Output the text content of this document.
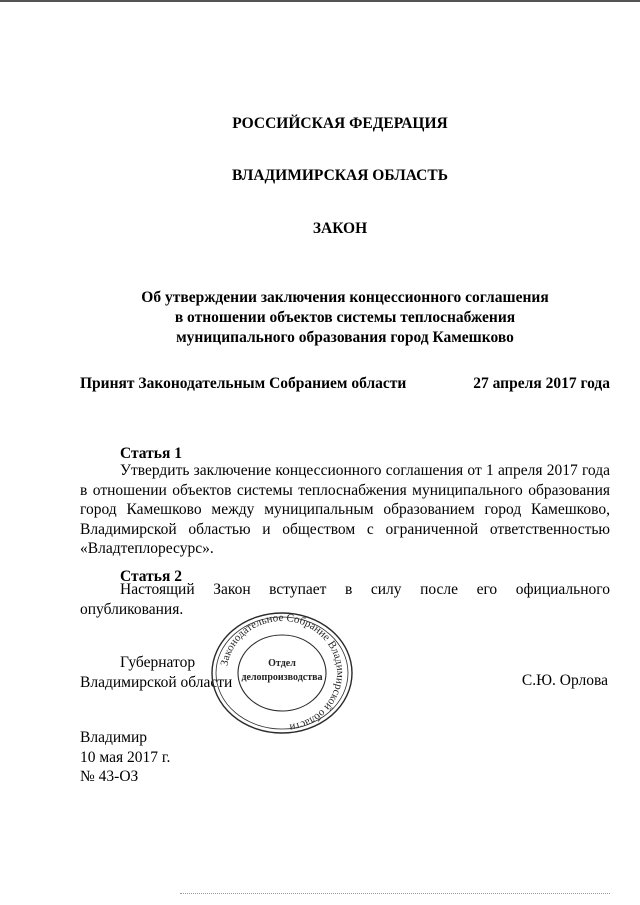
РОССИЙСКАЯ ФЕДЕРАЦИЯ
ВЛАДИМИРСКАЯ ОБЛАСТЬ
ЗАКОН
Об утверждении заключения концессионного соглашения
в отношении объектов системы теплоснабжения
муниципального образования город Камешково
Принят Законодательным Собранием области	27 апреля 2017 года
Статья 1

Утвердить заключение концессионного соглашения от 1 апреля 2017 года в отношении объектов системы теплоснабжения муниципального образования город Камешково между муниципальным образованием город Камешково, Владимирской областью и обществом с ограниченной ответственностью «Владтеплоресурс».

Статья 2

Настоящий Закон вступает в силу после его официального опубликования.

Губернатор
Владимирской области	С.Ю. Орлова
Законодательное Собрание Владимирской области
Отдел
делопроизводства
Владимир
10 мая 2017 г.
№ 43-ОЗ
